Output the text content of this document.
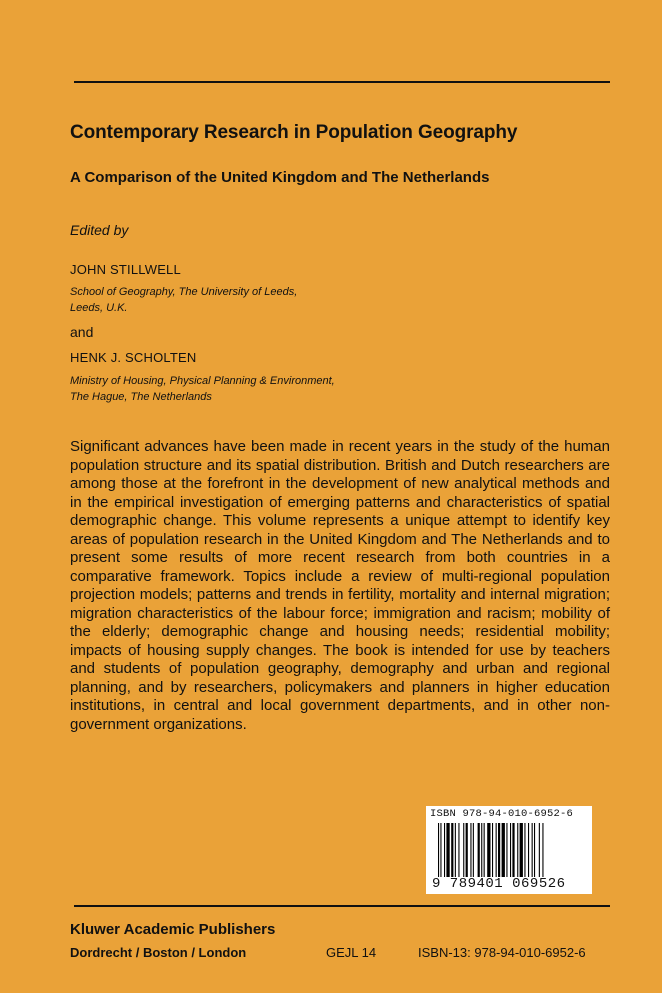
Contemporary Research in Population Geography
A Comparison of the United Kingdom and The Netherlands
Edited by
JOHN STILLWELL
School of Geography, The University of Leeds,
Leeds, U.K.
and
HENK J. SCHOLTEN
Ministry of Housing, Physical Planning & Environment,
The Hague, The Netherlands
Significant advances have been made in recent years in the study of the human population structure and its spatial distribution. British and Dutch researchers are among those at the forefront in the development of new analytical methods and in the empirical investigation of emerging patterns and characteristics of spatial demographic change. This volume represents a unique attempt to identify key areas of population research in the United Kingdom and The Netherlands and to present some results of more recent research from both countries in a comparative framework. Topics include a review of multi-regional population projection models; patterns and trends in fertility, mortality and internal migration; migration characteristics of the labour force; immigration and racism; mobility of the elderly; demographic change and housing needs; residential mobility; impacts of housing supply changes. The book is intended for use by teachers and students of population geography, demography and urban and regional planning, and by researchers, policymakers and planners in higher education institutions, in central and local government departments, and in other non-government organizations.
ISBN 978-94-010-6952-6
9 789401 069526
Kluwer Academic Publishers
Dordrecht / Boston / London	GEJL 14	ISBN-13: 978-94-010-6952-6
